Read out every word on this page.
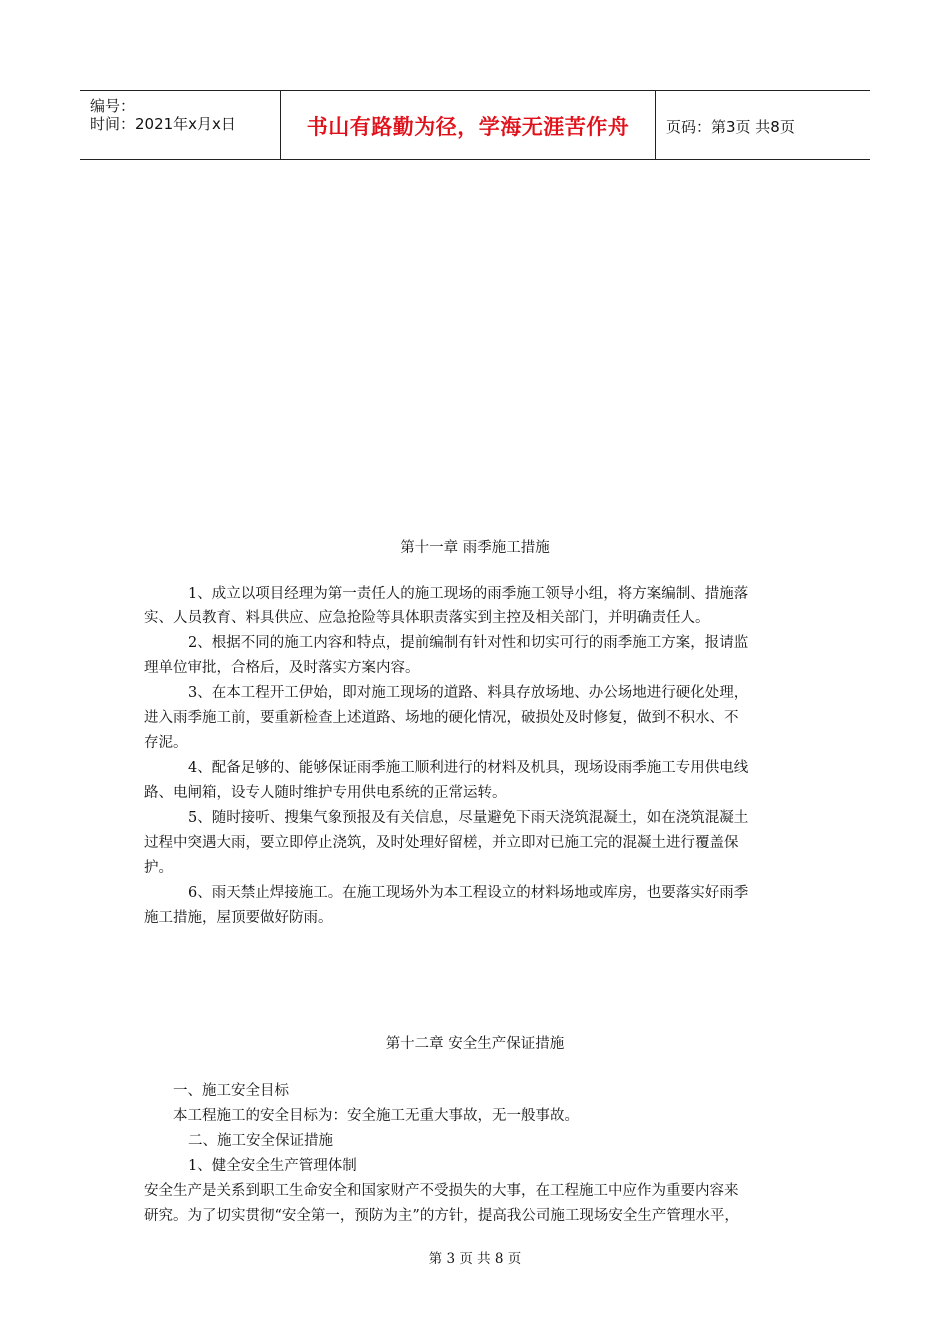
编号：
时间：2021年x月x日	书山有路勤为径，学海无涯苦作舟	页码：第3页 共8页
第十一章 雨季施工措施
1、成立以项目经理为第一责任人的施工现场的雨季施工领导小组，将方案编制、措施落
实、人员教育、料具供应、应急抢险等具体职责落实到主控及相关部门，并明确责任人。
2、根据不同的施工内容和特点，提前编制有针对性和切实可行的雨季施工方案，报请监
理单位审批，合格后，及时落实方案内容。
3、在本工程开工伊始，即对施工现场的道路、料具存放场地、办公场地进行硬化处理，
进入雨季施工前，要重新检查上述道路、场地的硬化情况，破损处及时修复，做到不积水、不
存泥。
4、配备足够的、能够保证雨季施工顺利进行的材料及机具，现场设雨季施工专用供电线
路、电闸箱，设专人随时维护专用供电系统的正常运转。
5、随时接听、搜集气象预报及有关信息，尽量避免下雨天浇筑混凝土，如在浇筑混凝土
过程中突遇大雨，要立即停止浇筑，及时处理好留槎，并立即对已施工完的混凝土进行覆盖保
护。
6、雨天禁止焊接施工。在施工现场外为本工程设立的材料场地或库房，也要落实好雨季
施工措施，屋顶要做好防雨。
第十二章 安全生产保证措施
一、施工安全目标
本工程施工的安全目标为：安全施工无重大事故，无一般事故。
二、施工安全保证措施
1、健全安全生产管理体制
安全生产是关系到职工生命安全和国家财产不受损失的大事，在工程施工中应作为重要内容来
研究。为了切实贯彻“安全第一，预防为主”的方针，提高我公司施工现场安全生产管理水平，
第 3 页 共 8 页
